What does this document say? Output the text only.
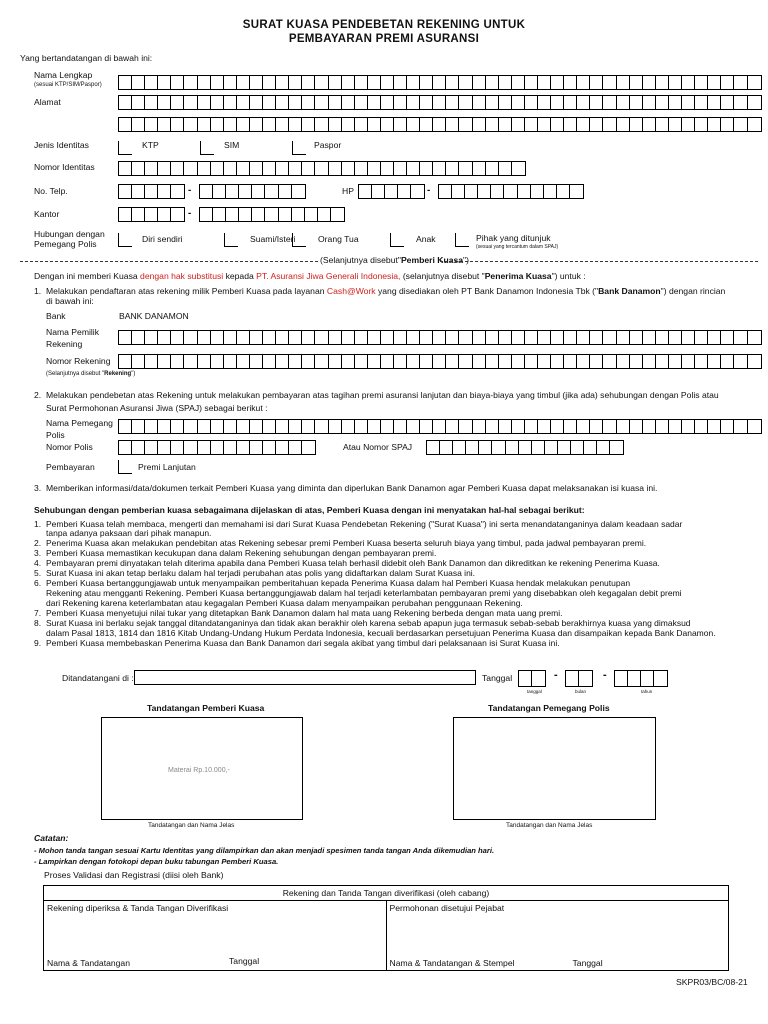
SURAT KUASA PENDEBETAN REKENING UNTUK
PEMBAYARAN PREMI ASURANSI
Yang bertandatangan di bawah ini:
Nama Lengkap
(sesuai KTP/SIM/Paspor)
Alamat
Jenis Identitas	KTP	SIM	Paspor
Nomor Identitas
No. Telp.	-	HP	-
Kantor	-
Hubungan dengan
Pemegang Polis	Diri sendiri	Suami/Isteri	Orang Tua	Anak	Pihak yang ditunjuk
(sesuai yang tercantum dalam SPAJ)
(Selanjutnya disebut"Pemberi Kuasa")
Dengan ini memberi Kuasa dengan hak substitusi kepada PT. Asuransi Jiwa Generali Indonesia, (selanjutnya disebut "Penerima Kuasa") untuk :
1. Melakukan pendaftaran atas rekening milik Pemberi Kuasa pada layanan Cash@Work yang disediakan oleh PT Bank Danamon Indonesia Tbk ("Bank Danamon") dengan rincian
di bawah ini:
Bank	BANK DANAMON
Nama Pemilik
Rekening
Nomor Rekening
(Selanjutnya disebut "Rekening")
2. Melakukan pendebetan atas Rekening untuk melakukan pembayaran atas tagihan premi asuransi lanjutan dan biaya-biaya yang timbul (jika ada) sehubungan dengan Polis atau
Surat Permohonan Asuransi Jiwa (SPAJ) sebagai berikut :
Nama Pemegang
Polis
Nomor Polis	Atau Nomor SPAJ
Pembayaran	Premi Lanjutan
3. Memberikan informasi/data/dokumen terkait Pemberi Kuasa yang diminta dan diperlukan Bank Danamon agar Pemberi Kuasa dapat melaksanakan isi kuasa ini.
Sehubungan dengan pemberian kuasa sebagaimana dijelaskan di atas, Pemberi Kuasa dengan ini menyatakan hal-hal sebagai berikut:
1. Pemberi Kuasa telah membaca, mengerti dan memahami isi dari Surat Kuasa Pendebetan Rekening ("Surat Kuasa") ini serta menandatanganinya dalam keadaan sadar
tanpa adanya paksaan dari pihak manapun.
2. Penerima Kuasa akan melakukan pendebitan atas Rekening sebesar premi Pemberi Kuasa beserta seluruh biaya yang timbul, pada jadwal pembayaran premi.
3. Pemberi Kuasa memastikan kecukupan dana dalam Rekening sehubungan dengan pembayaran premi.
4. Pembayaran premi dinyatakan telah diterima apabila dana Pemberi Kuasa telah berhasil didebit oleh Bank Danamon dan dikreditkan ke rekening Penerima Kuasa.
5. Surat Kuasa ini akan tetap berlaku dalam hal terjadi perubahan atas polis yang didaftarkan dalam Surat Kuasa ini.
6. Pemberi Kuasa bertanggungjawab untuk menyampaikan pemberitahuan kepada Penerima Kuasa dalam hal Pemberi Kuasa hendak melakukan penutupan
Rekening atau mengganti Rekening. Pemberi Kuasa bertanggungjawab dalam hal terjadi keterlambatan pembayaran premi yang disebabkan oleh kegagalan debit premi
dari Rekening karena keterlambatan atau kegagalan Pemberi Kuasa dalam menyampaikan perubahan penggunaan Rekening.
7. Pemberi Kuasa menyetujui nilai tukar yang ditetapkan Bank Danamon dalam hal mata uang Rekening berbeda dengan mata uang premi.
8. Surat Kuasa ini berlaku sejak tanggal ditandatanganinya dan tidak akan berakhir oleh karena sebab apapun juga termasuk sebab-sebab berakhirnya kuasa yang dimaksud
dalam Pasal 1813, 1814 dan 1816 Kitab Undang-Undang Hukum Perdata Indonesia, kecuali berdasarkan persetujuan Penerima Kuasa dan disampaikan kepada Bank Danamon.
9. Pemberi Kuasa membebaskan Penerima Kuasa dan Bank Danamon dari segala akibat yang timbul dari pelaksanaan isi Surat Kuasa ini.
Ditandatangani di :	Tanggal	-	-
tanggal	bulan	tahun
Tandatangan Pemberi Kuasa
Materai Rp.10.000,-
Tandatangan dan Nama Jelas
Tandatangan Pemegang Polis
Tandatangan dan Nama Jelas
Catatan:
- Mohon tanda tangan sesuai Kartu Identitas yang dilampirkan dan akan menjadi spesimen tanda tangan Anda dikemudian hari.
- Lampirkan dengan fotokopi depan buku tabungan Pemberi Kuasa.
Proses Validasi dan Registrasi (diisi oleh Bank)
Rekening dan Tanda Tangan diverifikasi (oleh cabang)

Rekening diperiksa & Tanda Tangan Diverifikasi
Nama & Tandatangan	Tanggal

Permohonan disetujui Pejabat
Nama & Tandatangan & Stempel	Tanggal
SKPR03/BC/08-21
